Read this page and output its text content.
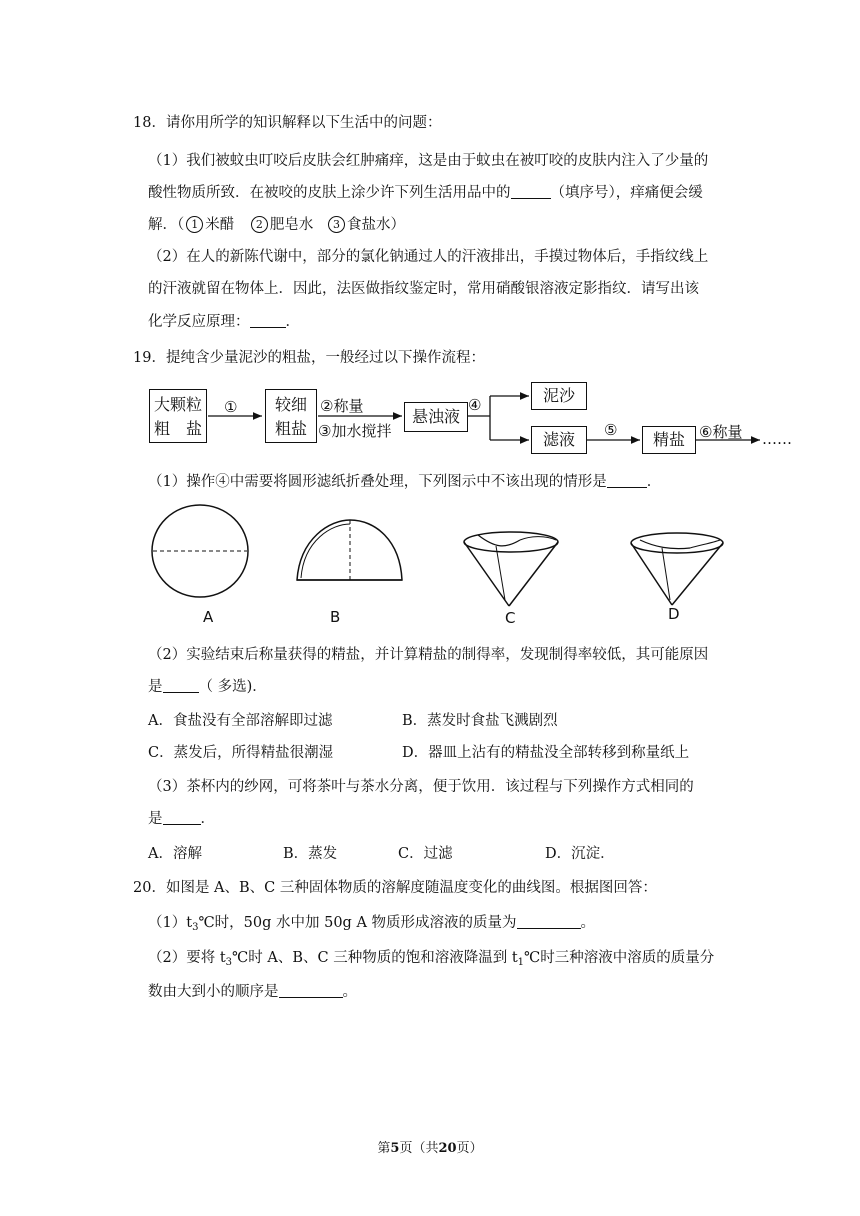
18．请你用所学的知识解释以下生活中的问题：
（1）我们被蚊虫叮咬后皮肤会红肿痛痒，这是由于蚊虫在被叮咬的皮肤内注入了少量的
酸性物质所致．在被咬的皮肤上涂少许下列生活用品中的	（填序号），痒痛便会缓
解．（ 1 米醋 2 肥皂水 3 食盐水）
（2）在人的新陈代谢中，部分的氯化钠通过人的汗液排出，手摸过物体后，手指纹线上
的汗液就留在物体上．因此，法医做指纹鉴定时，常用硝酸银溶液定影指纹．请写出该
化学反应原理： ．
19．提纯含少量泥沙的粗盐，一般经过以下操作流程：
大颗粒
粗　盐
①	较细
粗盐
②称量
③加水搅拌
悬浊液
④	泥沙
滤液	⑤	精盐 ⑥称量 ……
（1）操作④中需要将圆形滤纸折叠处理，下列图示中不该出现的情形是	．
A	B	C	D
（2）实验结束后称量获得的精盐，并计算精盐的制得率，发现制得率较低，其可能原因
是 （ 多选)．
A．食盐没有全部溶解即过滤	B．蒸发时食盐飞溅剧烈
C．蒸发后，所得精盐很潮湿	D．器皿上沾有的精盐没全部转移到称量纸上
（3）茶杯内的纱网，可将茶叶与茶水分离，便于饮用．该过程与下列操作方式相同的
是	．
A．溶解	B．蒸发	C．过滤	D．沉淀．
20．如图是 A、B、C 三种固体物质的溶解度随温度变化的曲线图。根据图回答：
$(1)t_3℃$时，50g 水中加 50g A 物质形成溶液的质量为	。
（2）要将 $t_3℃$时 A、B、C 三种物质的饱和溶液降温到 $t_1℃$时三种溶液中溶质的质量分
数由大到小的顺序是	。
第5页（共20页）
